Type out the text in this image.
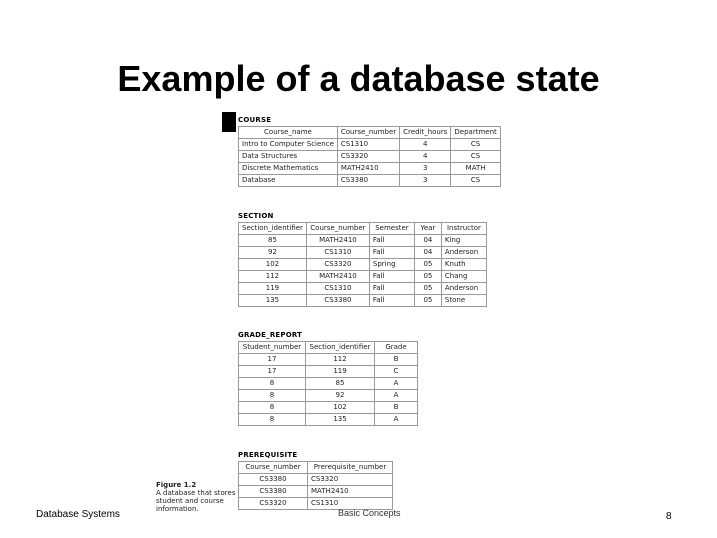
Example of a database state
COURSE
Course_name	Course_number	Credit_hours	Department
Intro to Computer Science	CS1310	4	CS
Data Structures	CS3320	4	CS
Discrete Mathematics	MATH2410	3	MATH
Database	CS3380	3	CS
SECTION
Section_identifier	Course_number	Semester	Year	Instructor
85	MATH2410	Fall	04	King
92	CS1310	Fall	04	Anderson
102	CS3320	Spring	05	Knuth
112	MATH2410	Fall	05	Chang
119	CS1310	Fall	05	Anderson
135	CS3380	Fall	05	Stone
GRADE_REPORT
Student_number	Section_identifier	Grade
17	112	B
17	119	C
8	85	A
8	92	A
8	102	B
8	135	A
PREREQUISITE
Course_number	Prerequisite_number
CS3380	CS3320
CS3380	MATH2410
CS3320	CS1310
Figure 1.2
A database that stores student and course information.
Database Systems	Basic Concepts	8
